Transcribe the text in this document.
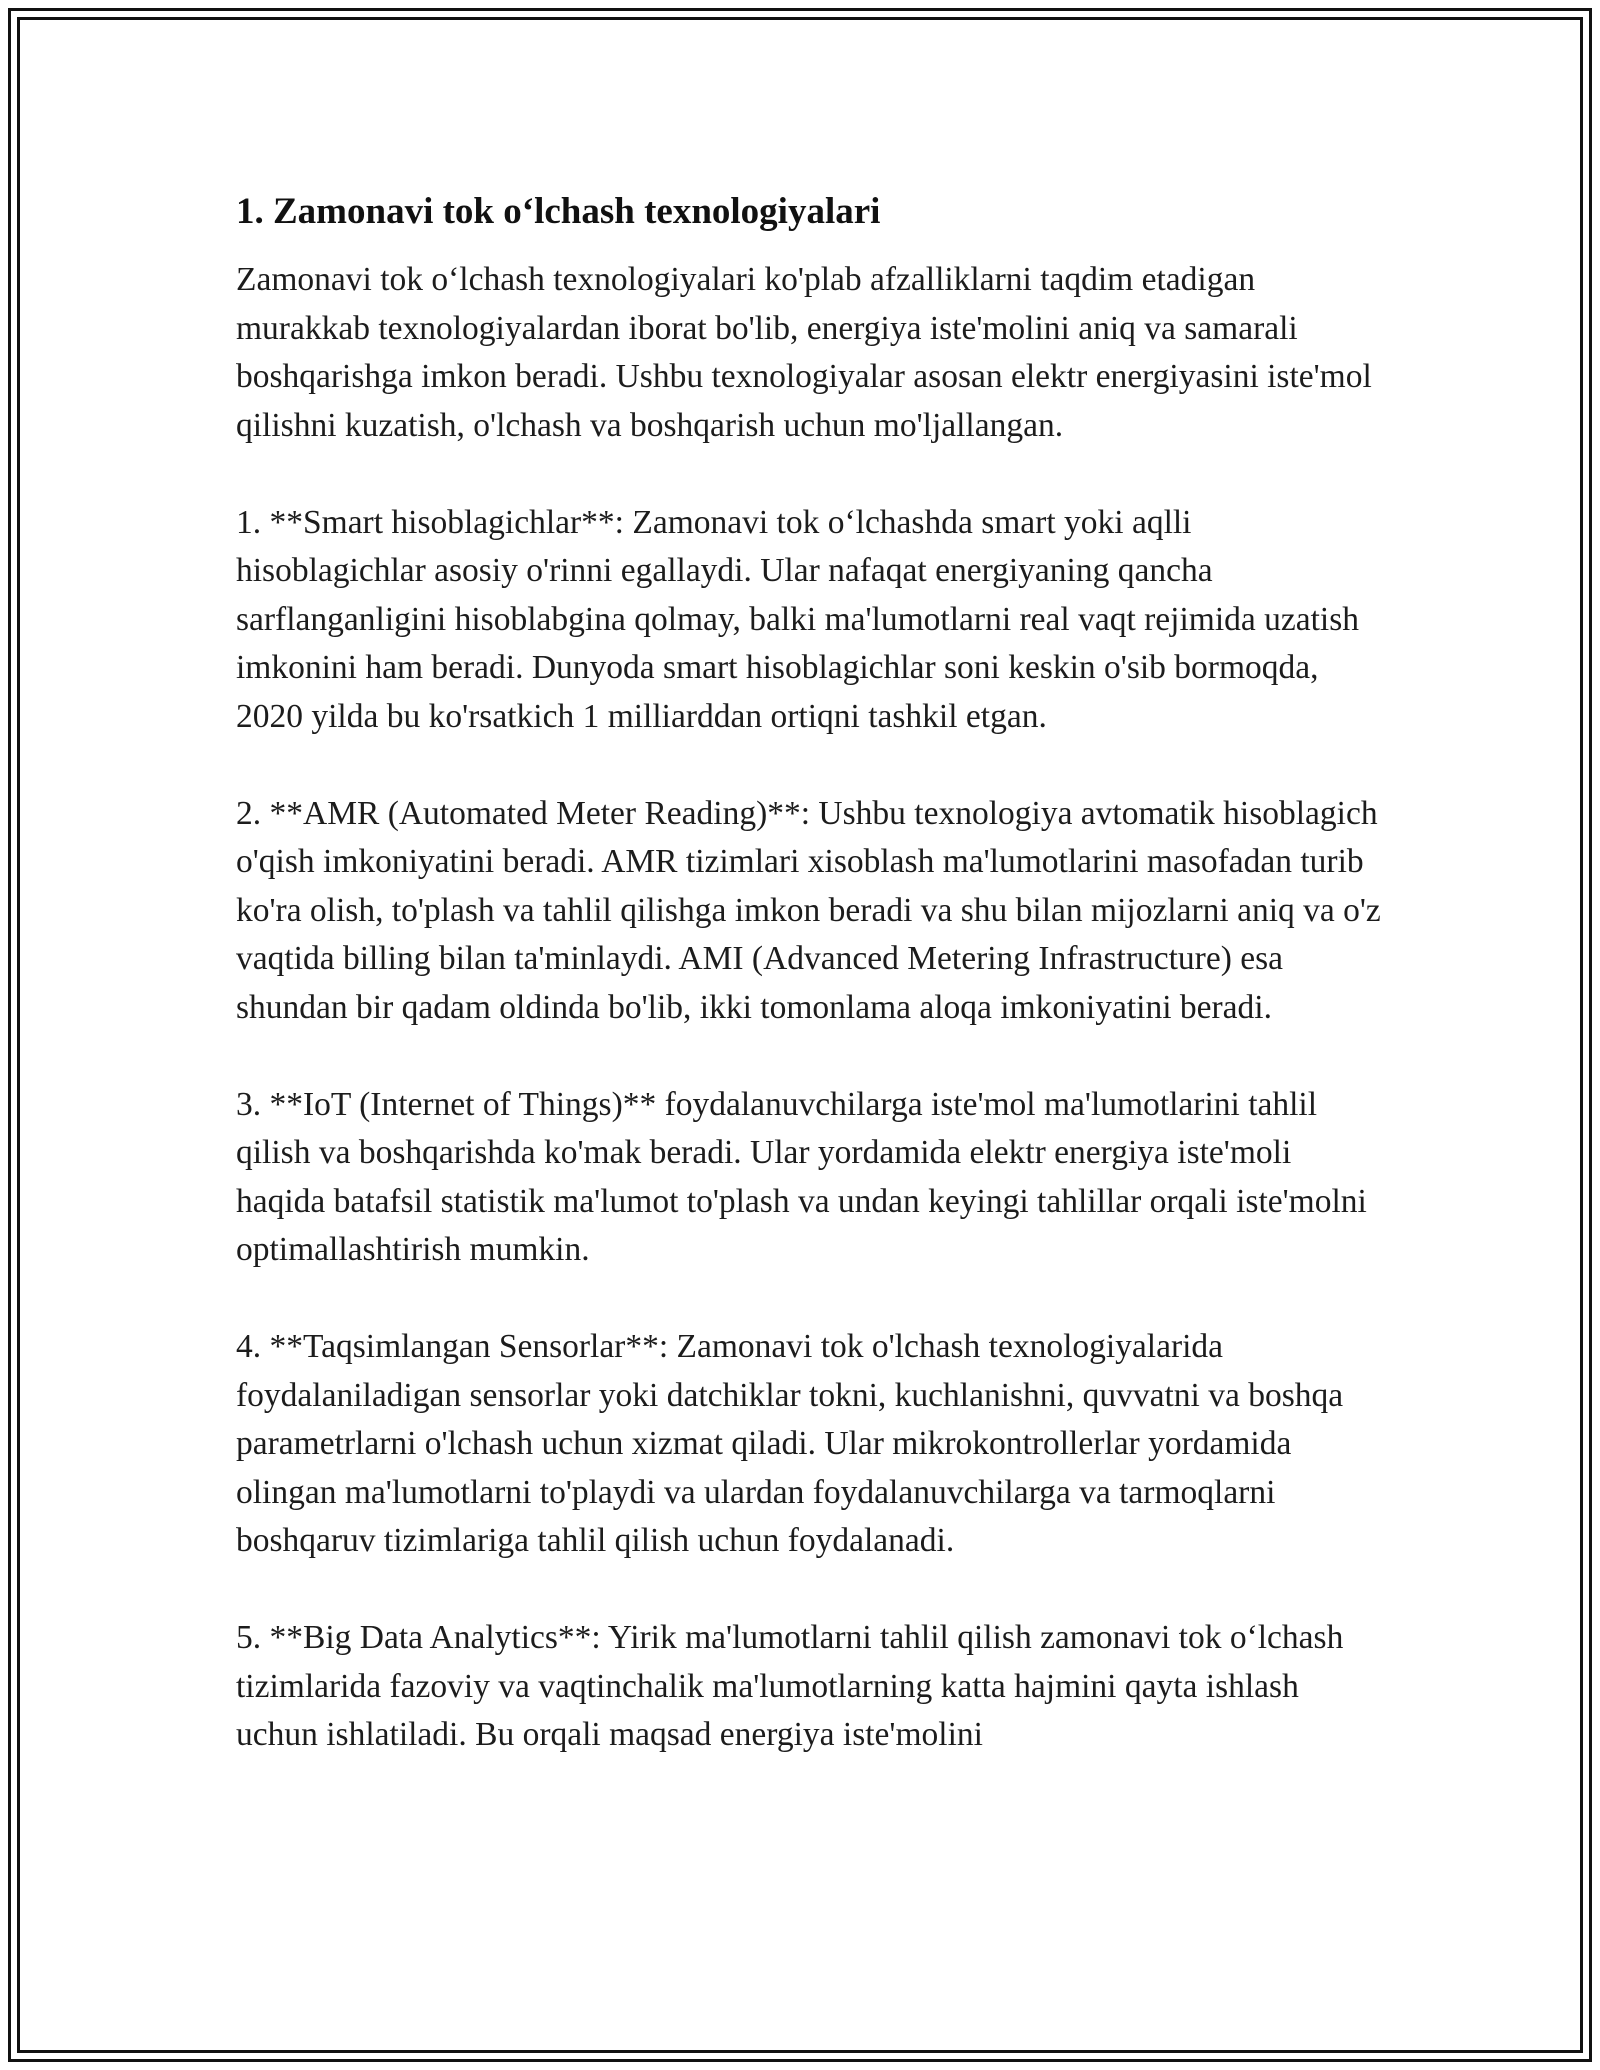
1. Zamonavi tok o‘lchash texnologiyalari

Zamonavi tok o‘lchash texnologiyalari ko'plab afzalliklarni taqdim etadigan murakkab texnologiyalardan iborat bo'lib, energiya iste'molini aniq va samarali boshqarishga imkon beradi. Ushbu texnologiyalar asosan elektr energiyasini iste'mol qilishni kuzatish, o'lchash va boshqarish uchun mo'ljallangan.

1. **Smart hisoblagichlar**: Zamonavi tok o‘lchashda smart yoki aqlli hisoblagichlar asosiy o'rinni egallaydi. Ular nafaqat energiyaning qancha sarflanganligini hisoblabgina qolmay, balki ma'lumotlarni real vaqt rejimida uzatish imkonini ham beradi. Dunyoda smart hisoblagichlar soni keskin o'sib bormoqda, 2020 yilda bu ko'rsatkich 1 milliarddan ortiqni tashkil etgan.

2. **AMR (Automated Meter Reading)**: Ushbu texnologiya avtomatik hisoblagich o'qish imkoniyatini beradi. AMR tizimlari xisoblash ma'lumotlarini masofadan turib ko'ra olish, to'plash va tahlil qilishga imkon beradi va shu bilan mijozlarni aniq va o'z vaqtida billing bilan ta'minlaydi. AMI (Advanced Metering Infrastructure) esa shundan bir qadam oldinda bo'lib, ikki tomonlama aloqa imkoniyatini beradi.

3. **IoT (Internet of Things)** foydalanuvchilarga iste'mol ma'lumotlarini tahlil qilish va boshqarishda ko'mak beradi. Ular yordamida elektr energiya iste'moli haqida batafsil statistik ma'lumot to'plash va undan keyingi tahlillar orqali iste'molni optimallashtirish mumkin.

4. **Taqsimlangan Sensorlar**: Zamonavi tok o'lchash texnologiyalarida foydalaniladigan sensorlar yoki datchiklar tokni, kuchlanishni, quvvatni va boshqa parametrlarni o'lchash uchun xizmat qiladi. Ular mikrokontrollerlar yordamida olingan ma'lumotlarni to'playdi va ulardan foydalanuvchilarga va tarmoqlarni boshqaruv tizimlariga tahlil qilish uchun foydalanadi.

5. **Big Data Analytics**: Yirik ma'lumotlarni tahlil qilish zamonavi tok o‘lchash tizimlarida fazoviy va vaqtinchalik ma'lumotlarning katta hajmini qayta ishlash uchun ishlatiladi. Bu orqali maqsad energiya iste'molini
